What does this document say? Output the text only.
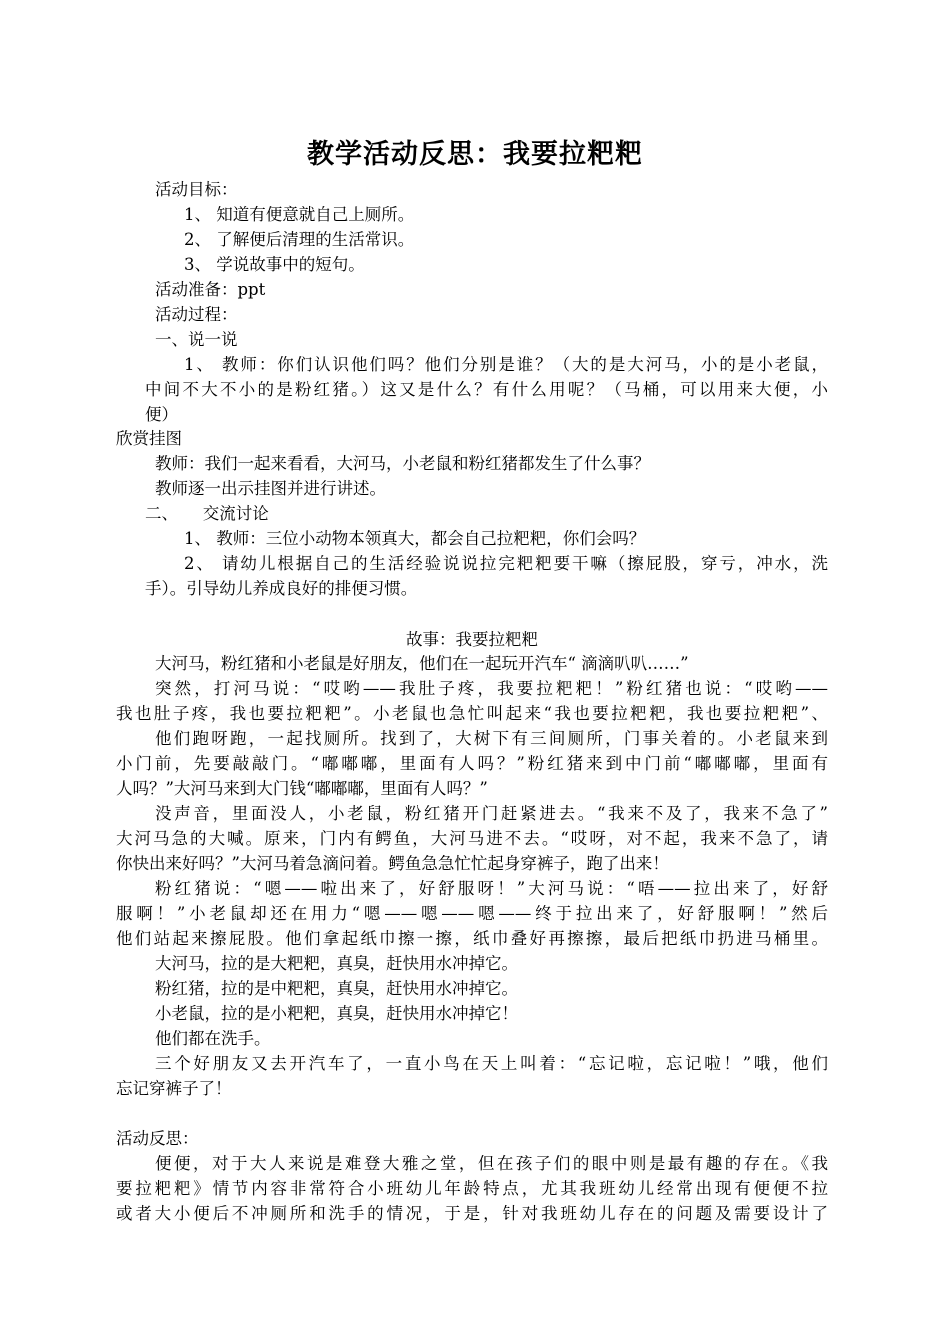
教学活动反思：我要拉粑粑
活动目标：
1、 知道有便意就自己上厕所。
2、 了解便后清理的生活常识。
3、 学说故事中的短句。
活动准备：ppt
活动过程：
一、说一说
1、 教师：你们认识他们吗？他们分别是谁？（大的是大河马，小的是小老鼠，
中间不大不小的是粉红猪。）这又是什么？有什么用呢？（马桶，可以用来大便，小
便）
欣赏挂图
教师：我们一起来看看，大河马，小老鼠和粉红猪都发生了什么事？
教师逐一出示挂图并进行讲述。
二、　　交流讨论
1、 教师：三位小动物本领真大，都会自己拉粑粑，你们会吗？
2、 请幼儿根据自己的生活经验说说拉完粑粑要干嘛（擦屁股，穿亏，冲水，洗
手）。引导幼儿养成良好的排便习惯。
故事：我要拉粑粑
大河马，粉红猪和小老鼠是好朋友，他们在一起玩开汽车“ 滴滴叭叭……”
突然，打河马说：“哎哟——我肚子疼，我要拉粑粑！”粉红猪也说：“哎哟——
我也肚子疼，我也要拉粑粑”。小老鼠也急忙叫起来“我也要拉粑粑，我也要拉粑粑”、
他们跑呀跑，一起找厕所。找到了，大树下有三间厕所，门事关着的。小老鼠来到
小门前，先要敲敲门。“嘟嘟嘟，里面有人吗？”粉红猪来到中门前“嘟嘟嘟，里面有
人吗？”大河马来到大门钱“嘟嘟嘟，里面有人吗？”
没声音，里面没人，小老鼠，粉红猪开门赶紧进去。“我来不及了，我来不急了”
大河马急的大喊。原来，门内有鳄鱼，大河马进不去。“哎呀，对不起，我来不急了，请
你快出来好吗？”大河马着急滴问着。鳄鱼急急忙忙起身穿裤子，跑了出来！
粉红猪说：“嗯——啦出来了，好舒服呀！”大河马说：“唔——拉出来了，好舒
服啊！”小老鼠却还在用力“嗯——嗯——嗯——终于拉出来了，好舒服啊！”然后
他们站起来擦屁股。他们拿起纸巾擦一擦，纸巾叠好再擦擦，最后把纸巾扔进马桶里。
大河马，拉的是大粑粑，真臭，赶快用水冲掉它。
粉红猪，拉的是中粑粑，真臭，赶快用水冲掉它。
小老鼠，拉的是小粑粑，真臭，赶快用水冲掉它！
他们都在洗手。
三个好朋友又去开汽车了，一直小鸟在天上叫着：“忘记啦，忘记啦！”哦，他们
忘记穿裤子了！
活动反思：
便便，对于大人来说是难登大雅之堂，但在孩子们的眼中则是最有趣的存在。《我
要拉粑粑》情节内容非常符合小班幼儿年龄特点，尤其我班幼儿经常出现有便便不拉
或者大小便后不冲厕所和洗手的情况，于是，针对我班幼儿存在的问题及需要设计了
